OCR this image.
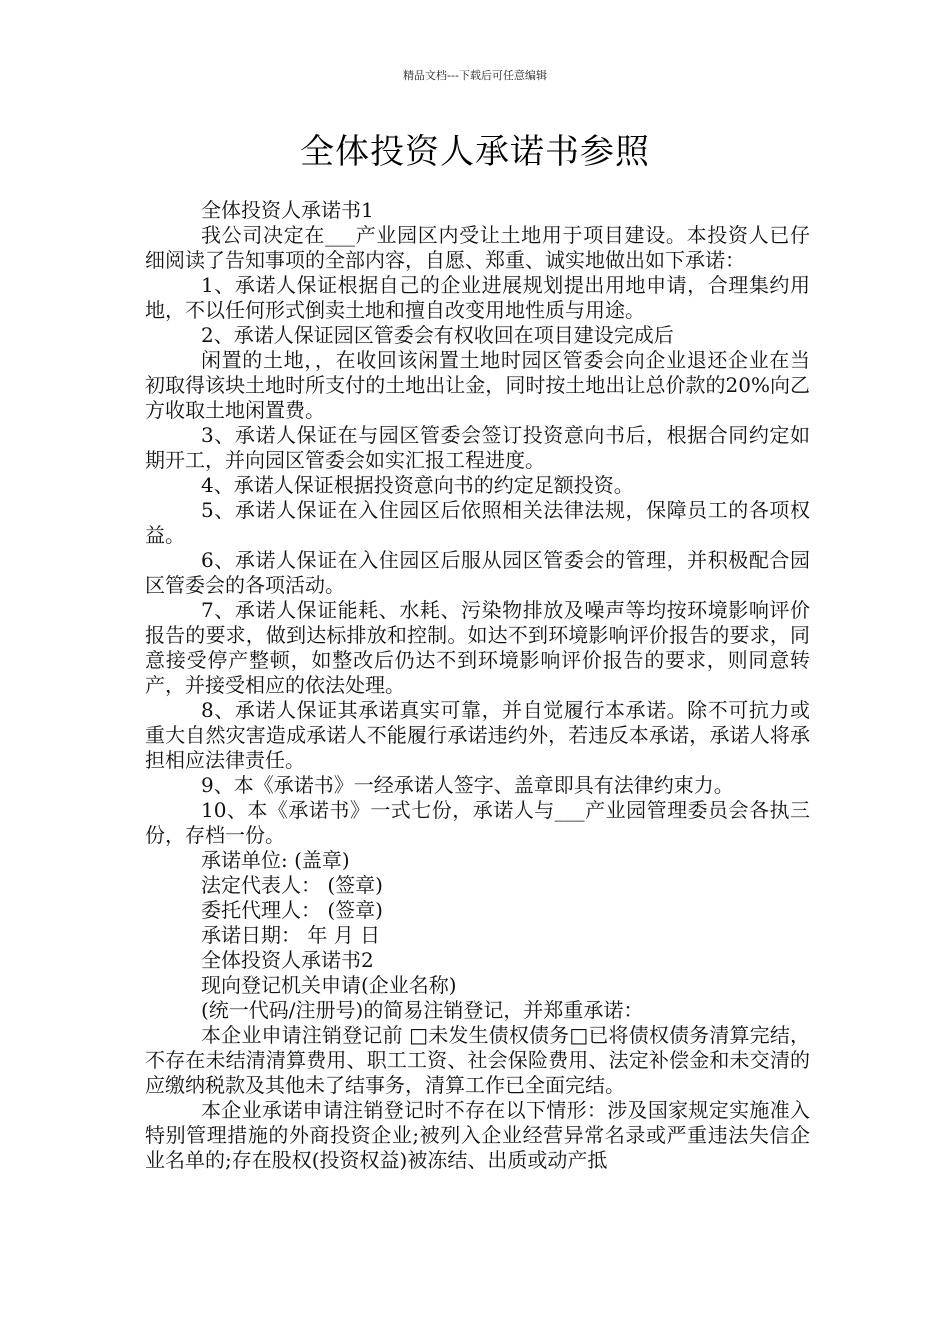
精品文档---下载后可任意编辑
全体投资人承诺书参照

全体投资人承诺书1

我公司决定在___产业园区内受让土地用于项目建设。本投资人已仔细阅读了告知事项的全部内容，自愿、郑重、诚实地做出如下承诺：

1、承诺人保证根据自己的企业进展规划提出用地申请，合理集约用地，不以任何形式倒卖土地和擅自改变用地性质与用途。

2、承诺人保证园区管委会有权收回在项目建设完成后

闲置的土地，，在收回该闲置土地时园区管委会向企业退还企业在当初取得该块土地时所支付的土地出让金，同时按土地出让总价款的20%向乙方收取土地闲置费。

3、承诺人保证在与园区管委会签订投资意向书后，根据合同约定如期开工，并向园区管委会如实汇报工程进度。

4、承诺人保证根据投资意向书的约定足额投资。

5、承诺人保证在入住园区后依照相关法律法规，保障员工的各项权益。

6、承诺人保证在入住园区后服从园区管委会的管理，并积极配合园区管委会的各项活动。

7、承诺人保证能耗、水耗、污染物排放及噪声等均按环境影响评价报告的要求，做到达标排放和控制。如达不到环境影响评价报告的要求，同意接受停产整顿，如整改后仍达不到环境影响评价报告的要求，则同意转产，并接受相应的依法处理。

8、承诺人保证其承诺真实可靠，并自觉履行本承诺。除不可抗力或重大自然灾害造成承诺人不能履行承诺违约外，若违反本承诺，承诺人将承担相应法律责任。

9、本《承诺书》一经承诺人签字、盖章即具有法律约束力。

10、本《承诺书》一式七份，承诺人与___产业园管理委员会各执三份，存档一份。

承诺单位: (盖章)

法定代表人： (签章)

委托代理人： (签章)

承诺日期： 年 月 日

全体投资人承诺书2

现向登记机关申请(企业名称)

(统一代码/注册号)的简易注销登记，并郑重承诺：

本企业申请注销登记前 □未发生债权债务□已将债权债务清算完结，不存在未结清清算费用、职工工资、社会保险费用、法定补偿金和未交清的应缴纳税款及其他未了结事务，清算工作已全面完结。

本企业承诺申请注销登记时不存在以下情形：涉及国家规定实施准入特别管理措施的外商投资企业;被列入企业经营异常名录或严重违法失信企业名单的;存在股权(投资权益)被冻结、出质或动产抵
